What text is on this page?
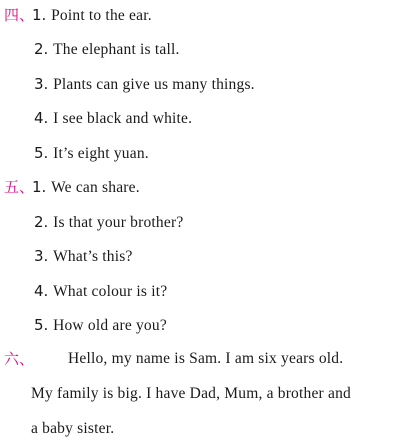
四、
1. Point to the ear.
2. The elephant is tall.
3. Plants can give us many things.
4. I see black and white.
5. It’s eight yuan.
五、
1. We can share.
2. Is that your brother?
3. What’s this?
4. What colour is it?
5. How old are you?
六、 Hello, my name is Sam. I am six years old.
My family is big. I have Dad, Mum, a brother and
a baby sister.
